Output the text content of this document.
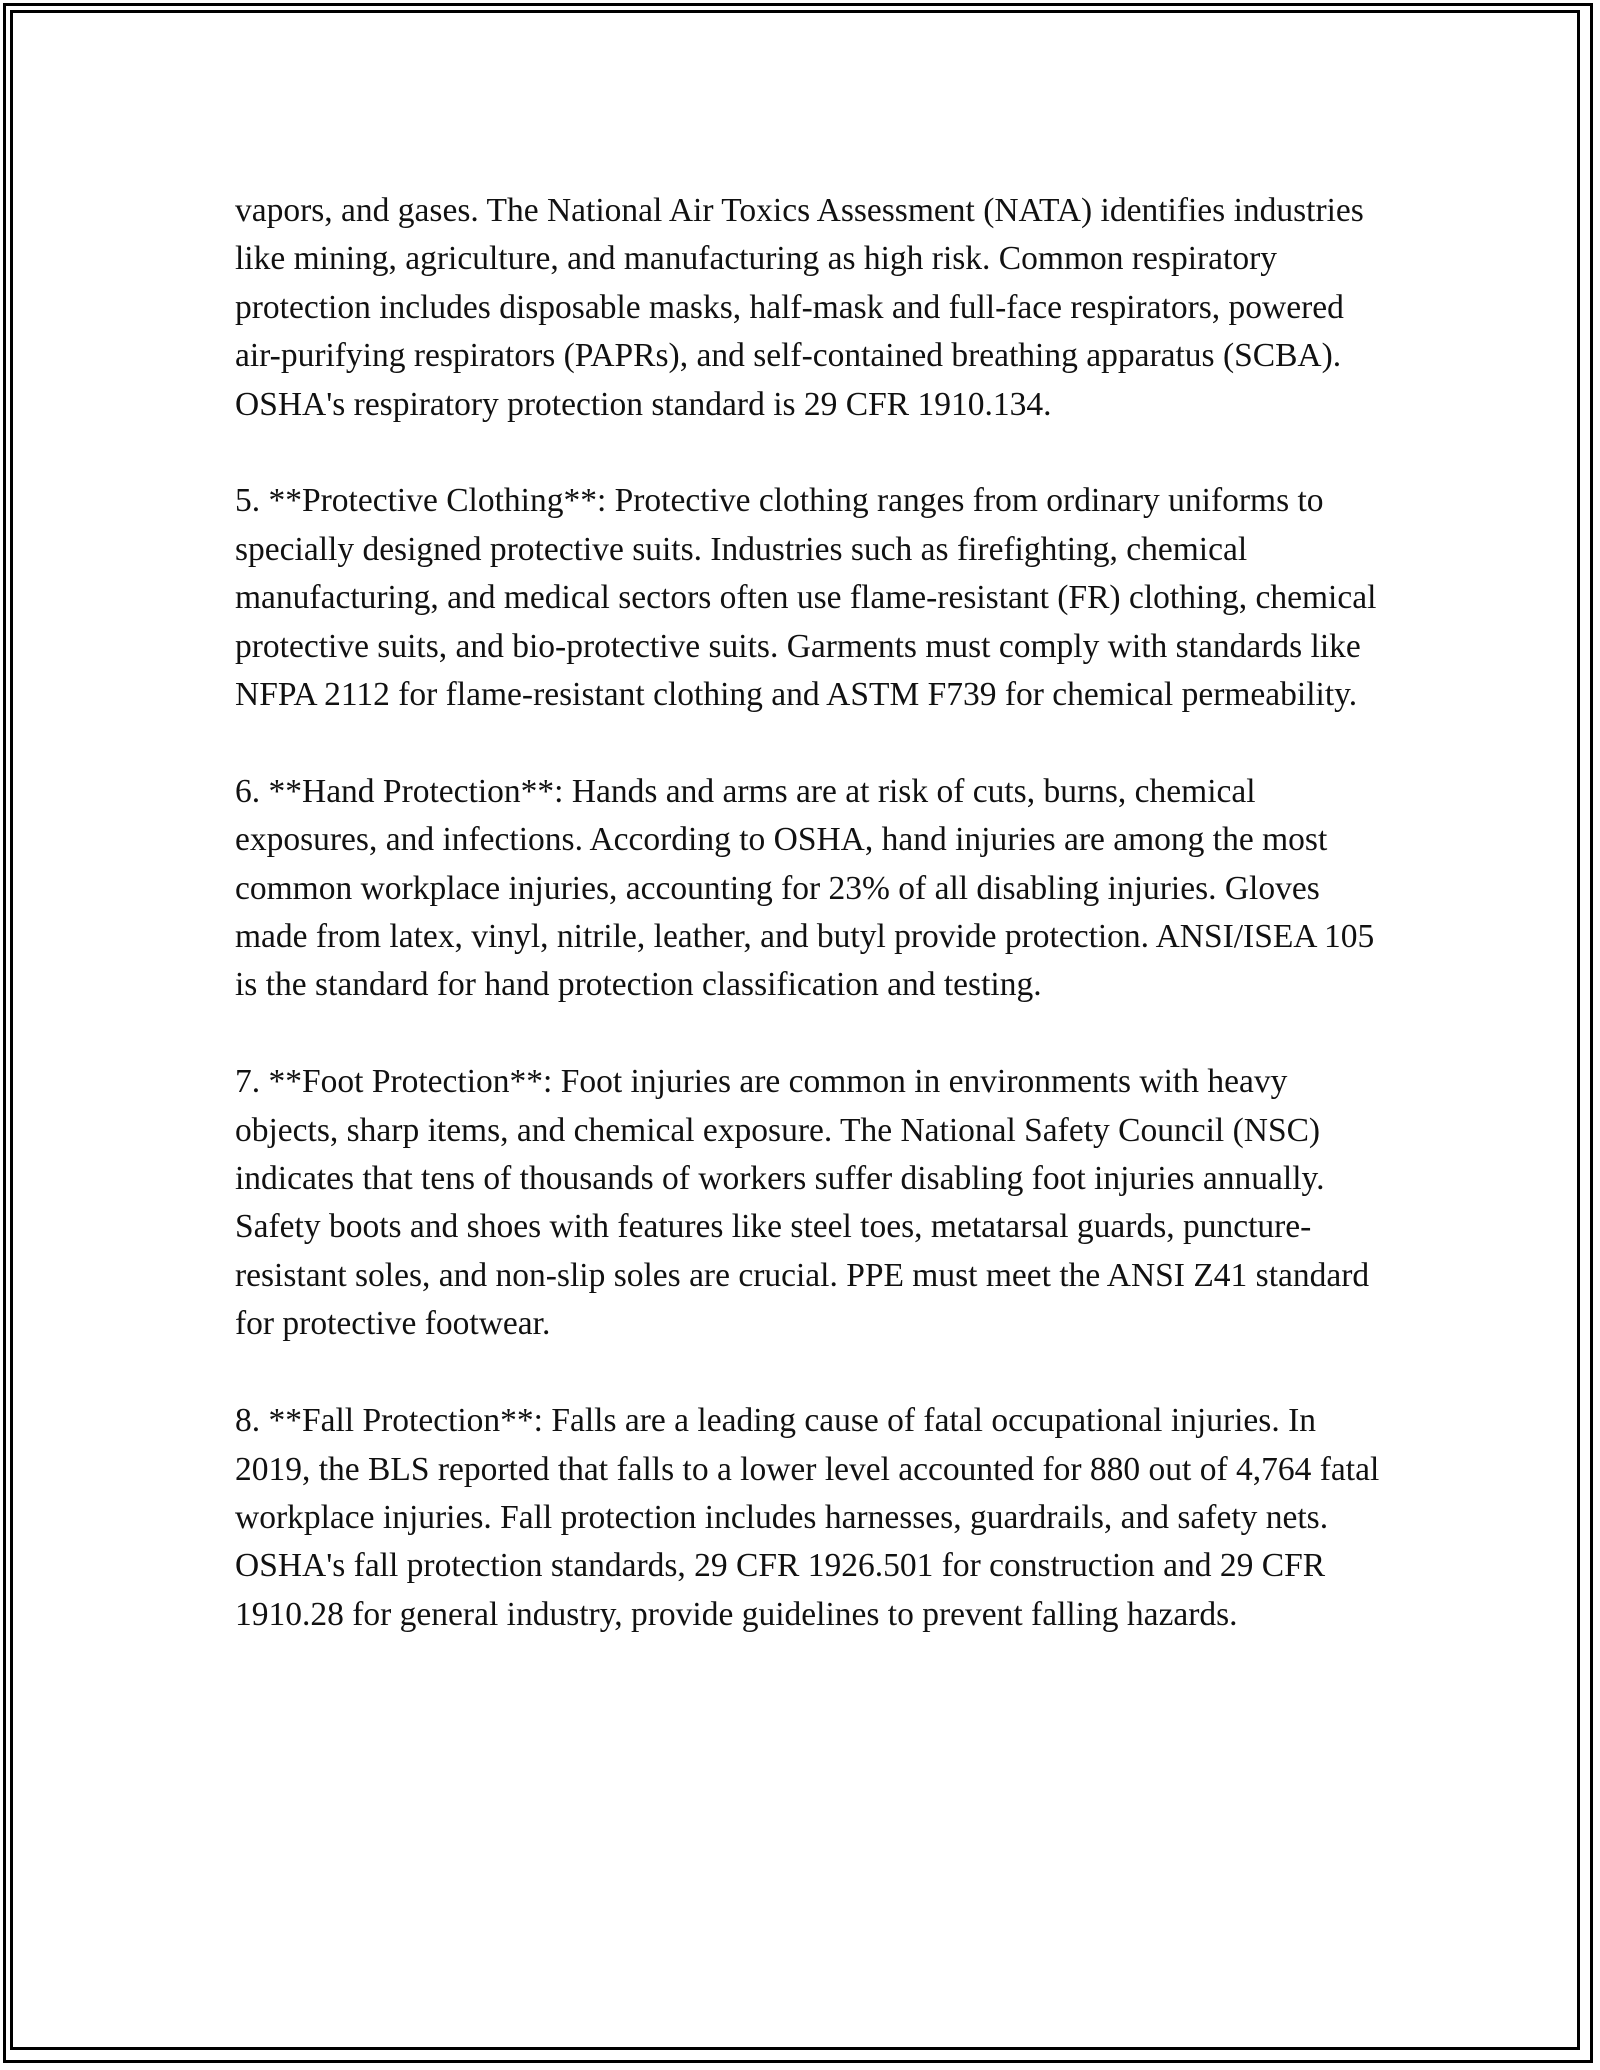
vapors, and gases. The National Air Toxics Assessment (NATA) identifies industries like mining, agriculture, and manufacturing as high risk. Common respiratory protection includes disposable masks, half-mask and full-face respirators, powered air-purifying respirators (PAPRs), and self-contained breathing apparatus (SCBA). OSHA's respiratory protection standard is 29 CFR 1910.134.

5. **Protective Clothing**: Protective clothing ranges from ordinary uniforms to specially designed protective suits. Industries such as firefighting, chemical manufacturing, and medical sectors often use flame-resistant (FR) clothing, chemical protective suits, and bio-protective suits. Garments must comply with standards like NFPA 2112 for flame-resistant clothing and ASTM F739 for chemical permeability.

6. **Hand Protection**: Hands and arms are at risk of cuts, burns, chemical exposures, and infections. According to OSHA, hand injuries are among the most common workplace injuries, accounting for 23% of all disabling injuries. Gloves made from latex, vinyl, nitrile, leather, and butyl provide protection. ANSI/ISEA 105 is the standard for hand protection classification and testing.

7. **Foot Protection**: Foot injuries are common in environments with heavy objects, sharp items, and chemical exposure. The National Safety Council (NSC) indicates that tens of thousands of workers suffer disabling foot injuries annually. Safety boots and shoes with features like steel toes, metatarsal guards, puncture-resistant soles, and non-slip soles are crucial. PPE must meet the ANSI Z41 standard for protective footwear.

8. **Fall Protection**: Falls are a leading cause of fatal occupational injuries. In 2019, the BLS reported that falls to a lower level accounted for 880 out of 4,764 fatal workplace injuries. Fall protection includes harnesses, guardrails, and safety nets. OSHA's fall protection standards, 29 CFR 1926.501 for construction and 29 CFR 1910.28 for general industry, provide guidelines to prevent falling hazards.
